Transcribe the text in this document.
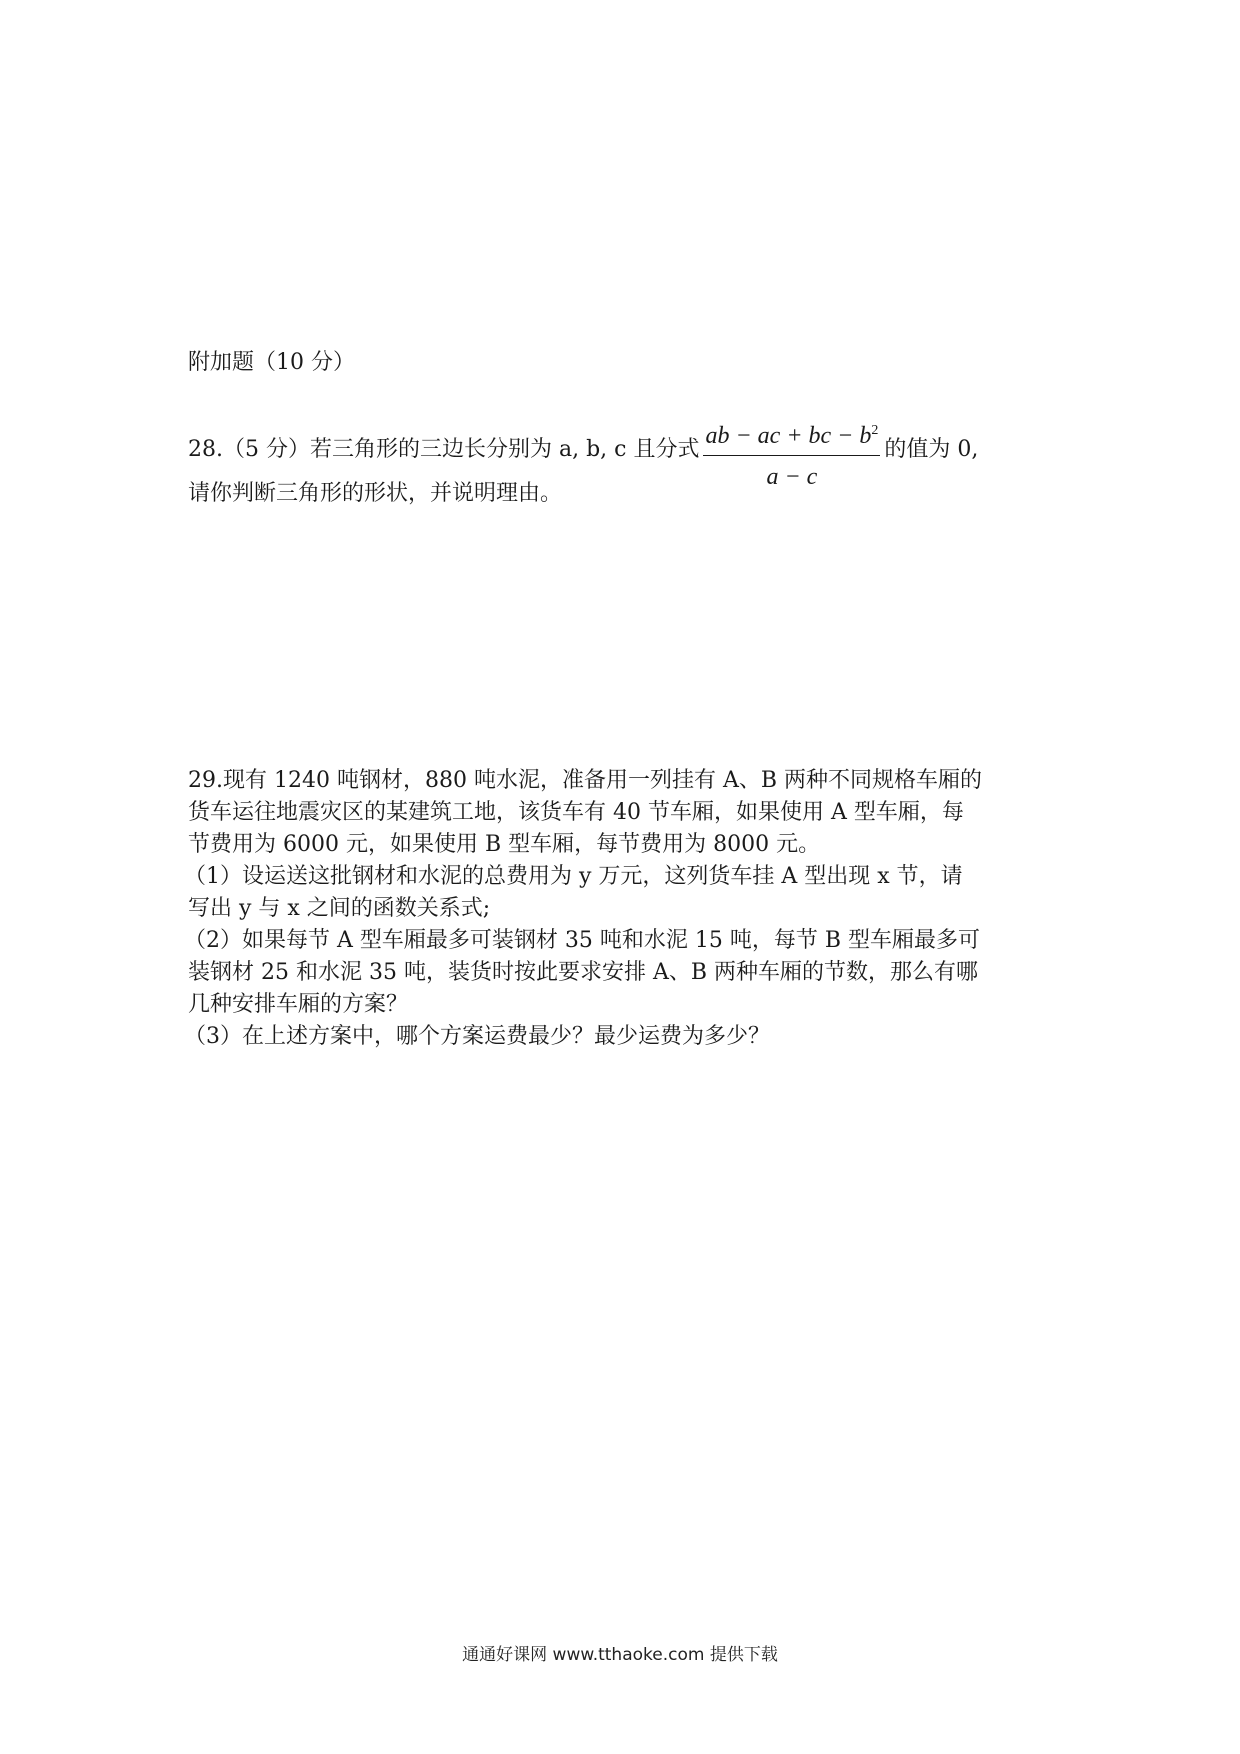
附加题（10 分）
28.（5 分）若三角形的三边长分别为 a, b, c 且分式 $\frac{ab - ac + bc - b^2}{a - c}$ 的值为 0,
请你判断三角形的形状，并说明理由。
29.现有 1240 吨钢材，880 吨水泥，准备用一列挂有 A、B 两种不同规格车厢的
货车运往地震灾区的某建筑工地，该货车有 40 节车厢，如果使用 A 型车厢，每
节费用为 6000 元，如果使用 B 型车厢，每节费用为 8000 元。
（1）设运送这批钢材和水泥的总费用为 y 万元，这列货车挂 A 型出现 x 节，请
写出 y 与 x 之间的函数关系式;
（2）如果每节 A 型车厢最多可装钢材 35 吨和水泥 15 吨，每节 B 型车厢最多可
装钢材 25 和水泥 35 吨，装货时按此要求安排 A、B 两种车厢的节数，那么有哪
几种安排车厢的方案？
（3）在上述方案中，哪个方案运费最少？最少运费为多少？
通通好课网 www.tthaoke.com 提供下载
